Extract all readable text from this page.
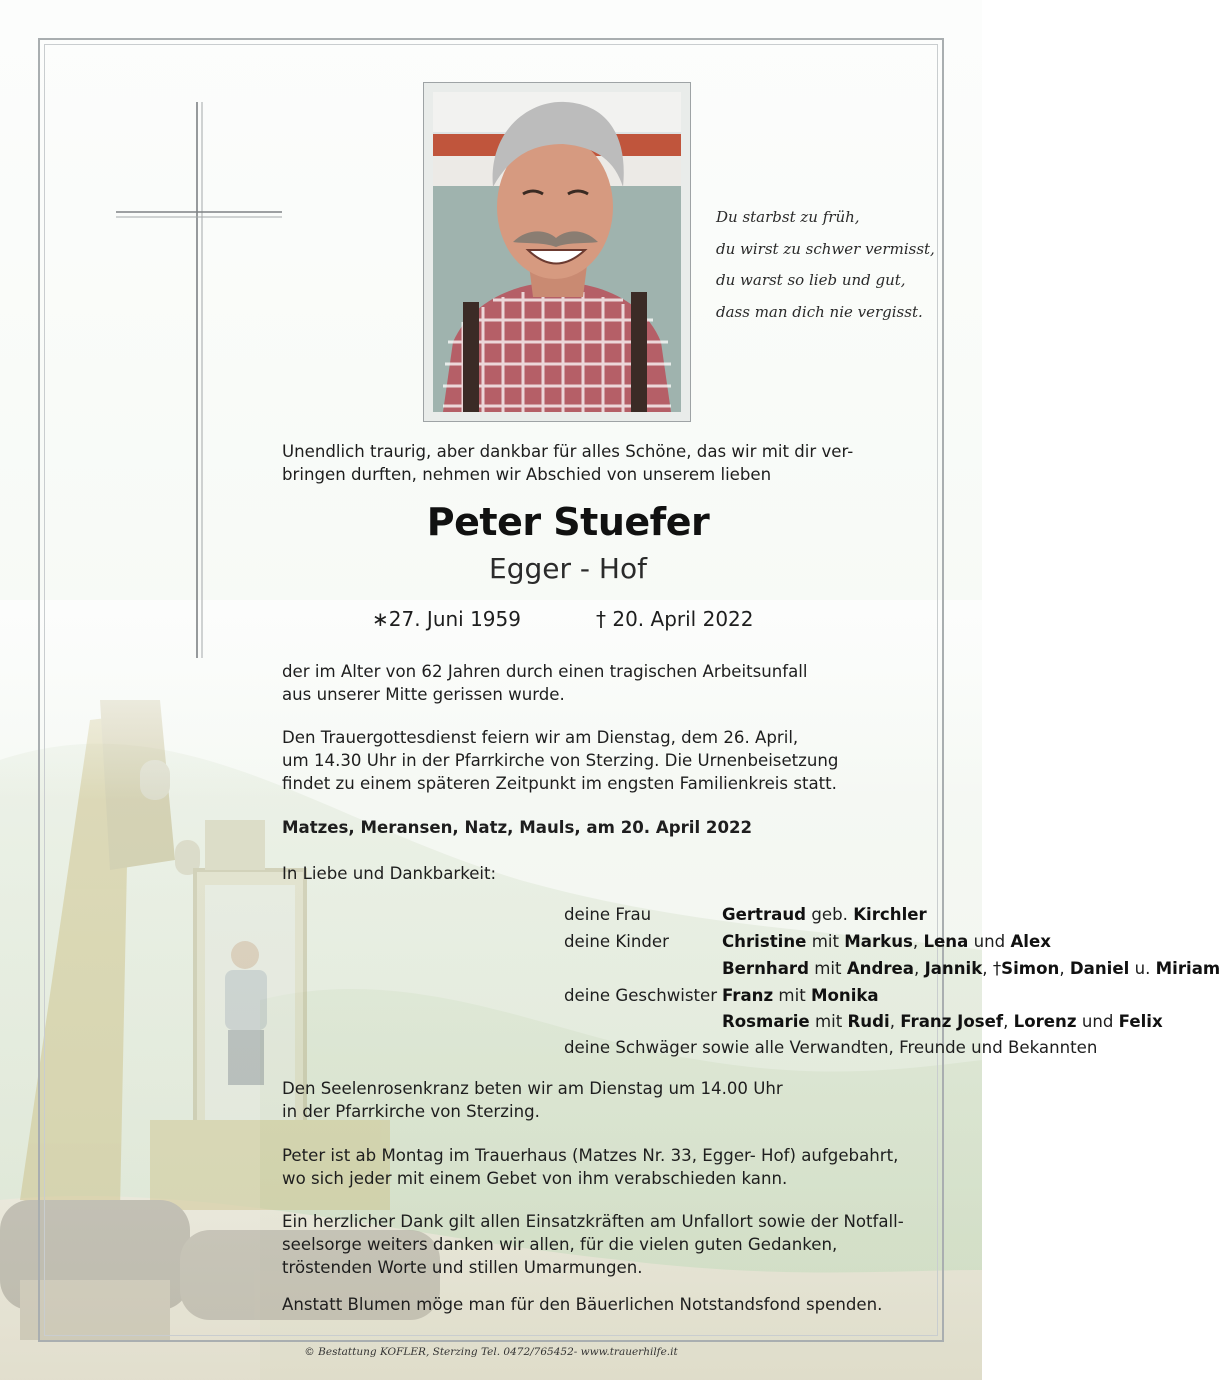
Du starbst zu früh,
du wirst zu schwer vermisst,
du warst so lieb und gut,
dass man dich nie vergisst.
Unendlich traurig, aber dankbar für alles Schöne, das wir mit dir ver-
bringen durften, nehmen wir Abschied von unserem lieben
Peter Stuefer
Egger - Hof
∗27. Juni 1959	† 20. April 2022
der im Alter von 62 Jahren durch einen tragischen Arbeitsunfall
aus unserer Mitte gerissen wurde.
Den Trauergottesdienst feiern wir am Dienstag, dem 26. April,
um 14.30 Uhr in der Pfarrkirche von Sterzing. Die Urnenbeisetzung
findet zu einem späteren Zeitpunkt im engsten Familienkreis statt.
Matzes, Meransen, Natz, Mauls, am 20. April 2022
In Liebe und Dankbarkeit:
deine Frau	Gertraud geb. Kirchler
deine Kinder	Christine mit Markus, Lena und Alex
Bernhard mit Andrea, Jannik, †Simon, Daniel u. Miriam
deine Geschwister Franz mit Monika
Rosmarie mit Rudi, Franz Josef, Lorenz und Felix
deine Schwäger sowie alle Verwandten, Freunde und Bekannten
Den Seelenrosenkranz beten wir am Dienstag um 14.00 Uhr
in der Pfarrkirche von Sterzing.
Peter ist ab Montag im Trauerhaus (Matzes Nr. 33, Egger- Hof) aufgebahrt,
wo sich jeder mit einem Gebet von ihm verabschieden kann.
Ein herzlicher Dank gilt allen Einsatzkräften am Unfallort sowie der Notfall-
seelsorge weiters danken wir allen, für die vielen guten Gedanken,
tröstenden Worte und stillen Umarmungen.
Anstatt Blumen möge man für den Bäuerlichen Notstandsfond spenden.
© Bestattung KOFLER, Sterzing Tel. 0472/765452- www.trauerhilfe.it
